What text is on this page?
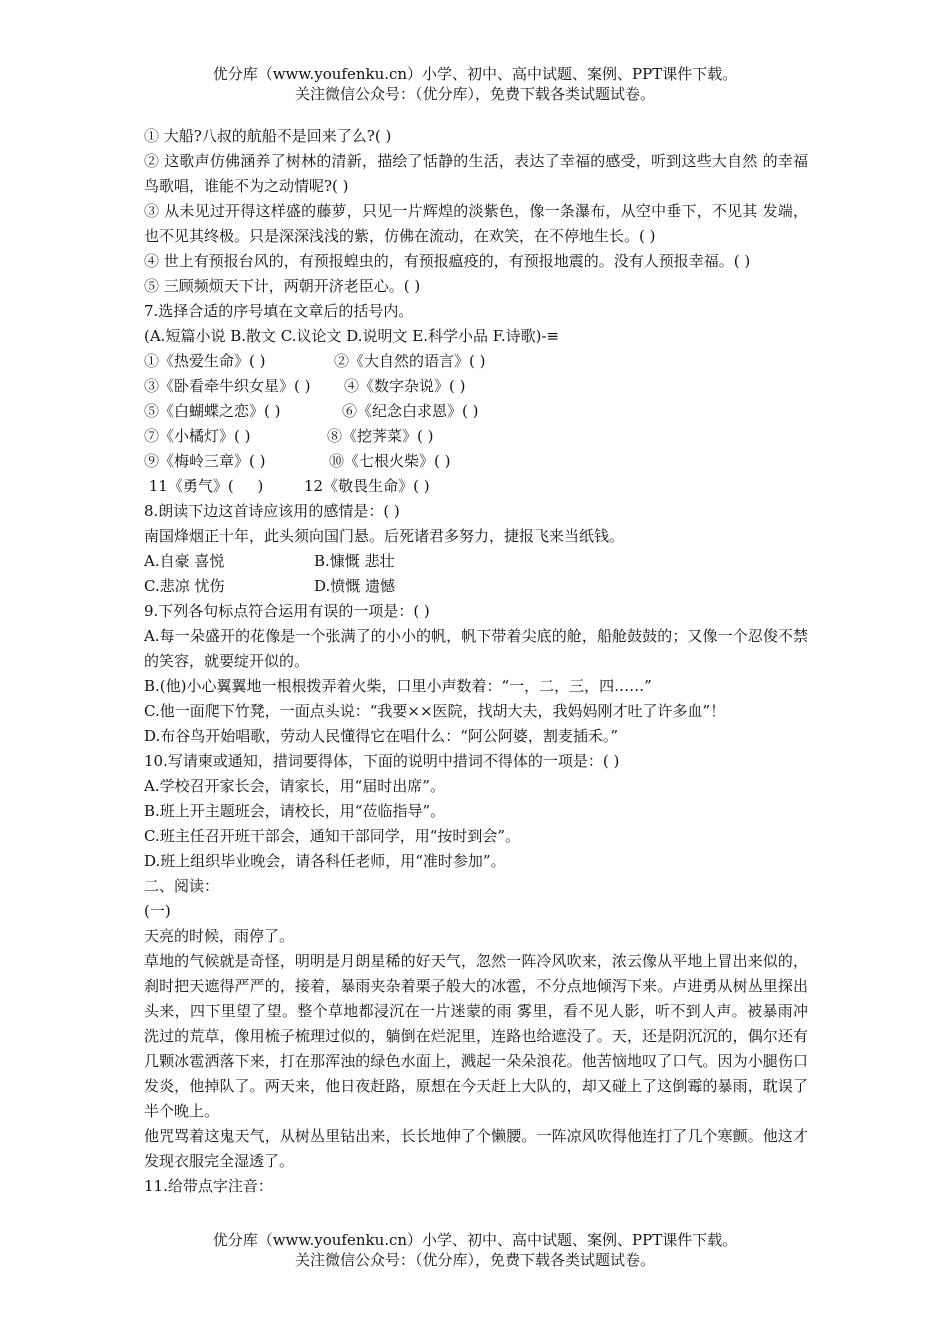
优分库（www.youfenku.cn）小学、初中、高中试题、案例、PPT课件下载。
关注微信公众号：（优分库），免费下载各类试题试卷。

① 大船?八叔的航船不是回来了么?( )

② 这歌声仿佛涵养了树林的清新，描绘了恬静的生活，表达了幸福的感受，听到这些大自然 的幸福鸟歌唱，谁能不为之动情呢?( )

③ 从未见过开得这样盛的藤萝，只见一片辉煌的淡紫色，像一条瀑布，从空中垂下，不见其 发端，也不见其终极。只是深深浅浅的紫，仿佛在流动，在欢笑，在不停地生长。( )

④ 世上有预报台风的，有预报蝗虫的，有预报瘟疫的，有预报地震的。没有人预报幸福。( )

⑤ 三顾频烦天下计，两朝开济老臣心。( )

7.选择合适的序号填在文章后的括号内。

(A.短篇小说 B.散文 C.议论文 D.说明文 E.科学小品 F.诗歌)-≡

①《热爱生命》( )	②《大自然的语言》( )
③《卧看牵牛织女星》( )	④《数字杂说》( )
⑤《白蝴蝶之恋》( )	⑥《纪念白求恩》( )
⑦《小橘灯》( )	⑧《挖荠菜》( )
⑨《梅岭三章》( )	⑩《七根火柴》( )
11《勇气》(     )	12《敬畏生命》( )

8.朗读下边这首诗应该用的感情是：( )

南国烽烟正十年，此头须向国门悬。后死诸君多努力，捷报飞来当纸钱。

A.自豪 喜悦	B.慷慨 悲壮
C.悲凉 忧伤	D.愤慨 遗憾

9.下列各句标点符合运用有误的一项是：( )

A.每一朵盛开的花像是一个张满了的小小的帆，帆下带着尖底的舱，船舱鼓鼓的；又像一个忍俊不禁的笑容，就要绽开似的。

B.(他)小心翼翼地一根根拨弄着火柴，口里小声数着：“一，二，三，四……”

C.他一面爬下竹凳，一面点头说：“我要××医院，找胡大夫，我妈妈刚才吐了许多血”！

D.布谷鸟开始唱歌，劳动人民懂得它在唱什么：“阿公阿婆，割麦插禾。”

10.写请柬或通知，措词要得体，下面的说明中措词不得体的一项是：( )

A.学校召开家长会，请家长，用“届时出席”。

B.班上开主题班会，请校长，用“莅临指导”。

C.班主任召开班干部会，通知干部同学，用“按时到会”。

D.班上组织毕业晚会，请各科任老师，用“准时参加”。

二、阅读：

(一)

天亮的时候，雨停了。

草地的气候就是奇怪，明明是月朗星稀的好天气，忽然一阵冷风吹来，浓云像从平地上冒出来似的，刹时把天遮得严严的，接着，暴雨夹杂着栗子般大的冰雹，不分点地倾泻下来。卢进勇从树丛里探出头来，四下里望了望。整个草地都浸沉在一片迷蒙的雨 雾里，看不见人影，听不到人声。被暴雨冲洗过的荒草，像用梳子梳理过似的，躺倒在烂泥里，连路也给遮没了。天，还是阴沉沉的，偶尔还有几颗冰雹洒落下来，打在那浑浊的绿色水面上，溅起一朵朵浪花。他苦恼地叹了口气。因为小腿伤口发炎，他掉队了。两天来，他日夜赶路，原想在今天赶上大队的，却又碰上了这倒霉的暴雨，耽误了半个晚上。

他咒骂着这鬼天气，从树丛里钻出来，长长地伸了个懒腰。一阵凉风吹得他连打了几个寒颤。他这才发现衣服完全湿透了。

11.给带点字注音：

优分库（www.youfenku.cn）小学、初中、高中试题、案例、PPT课件下载。
关注微信公众号：（优分库），免费下载各类试题试卷。
